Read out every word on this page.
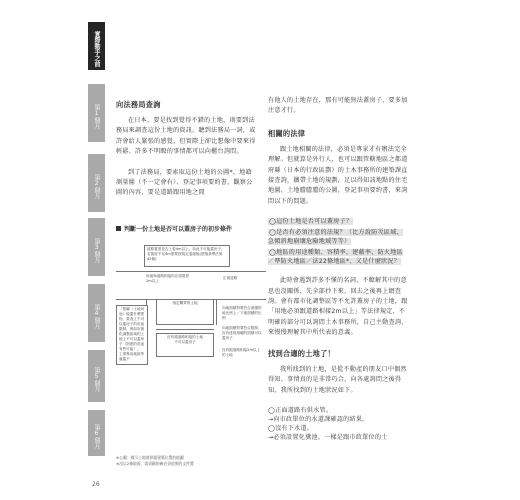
實際動手之前
第1個月
第2個月
第3個月
第4個月
第5個月
第6個月
26
向法務局查詢

在日本，要是找到覺得不錯的土地，則要到法務局來調查這份土地的資訊。聽到法務局一詞，或許會給人緊張的感覺，但實際上卻比想像中要來得輕鬆。許多不明瞭的事情都可以向櫃台詢問。

到了法務局，要索取這份土地的公圖*、地籍測量圖（不一定會有）、登記事項要約書，觀察公圖的內容，要是道路跟用地之間

判斷一份土地是否可以蓋房子的初步條件
道路寬度是否上看4m以上。如此才可能蓋房子。若寬度不足4m需要按規定退縮後(建築基準法第42條)
用地與道路相接的正面寬度2m以上
正面道路
「按圖（土地用途）能蓋什麼建物，要查上不可以蓋房子的用途限制，例如市街化調整區域的土地上不可以蓋房子（指建的用途有些可能）。
工業專用地區等處蓋不
預定購買的土地
沒有跟道路相接的土地
不可以蓋房子
向地面積對要符合面積的地比例上／下地面積的比例
向地面積對要符合限制，沒有達到規範的面積可以蓋房子
沒有跟道路相接2m以上的土地
※公圖：標示土地境界跟建築位置的地圖
※沒以2條地面，需須顧的確必須依照的文件置

有他人的土地存在，那有可能無法蓋房子，要多加注意才行。

相關的法律

跟土地相關的法律，必須是專家才有辦法完全理解。但就算是外行人，也可以跟管轄地區之都道府縣（日本的行政區劃）的土木事務所的建築課直接查詢，攜帶土地的規劃，足以得知該地點的住宅地圖、土地謄謄謄的公圖，登記事項要約書，來詢問以下的問題。

◯這份土地是否可以蓋房子？
◯是否有必須注意的法規？（比方說防災區域、急傾斜地崩壞危險地域等等）
◯地區的用途種類、容積率、建蔽率、防火地區／準防火地區／法22條地區*、又是什麼狀況？

此時會遇到許多不懂的名詞，不瞭解其中的意思也沒關係，先全部抄下來，回去之後再上網查詢。會有都市化調整區等不允許蓋房子的土地，跟「用地必須跟道路相接2m以上」等法律規定，不明確的部分可以詢問土木事務所，自己主動查詢，來慢慢理解其中所代表的意義。

找到合適的土地了！

我所找到的土地，是從不動產的朋友口中偶然得知。事情真的是非常巧合，向各處詢問之後得知，我所找到的土地狀況如下。

◯正面道路有供水管。
→向市政單位的水道課確認的結果。
◯沒有下水道。
→必須設置化糞池。一樣是跟市政單位的土
